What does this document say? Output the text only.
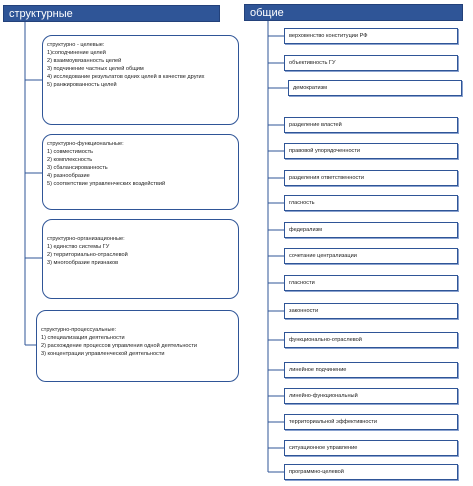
структурные	общие
структурно - целевые:
1)соподчинение целей
2) взаимоувязанность целей
3) подчинение частных целей общим
4) исследование результатов одних целей в качестве других
5) ранжированность целей
структурно-функциональные:
1) совместимость
2) комплексность
3) сбалансированность
4) разнообразие
5) соответствие управленческих воздействий
структурно-организационные:
1) единство системы ГУ
2) территориально-отраслевой
3) многообразие признаков
структурно-процессуальные:
1) специализация деятельности
2) расхождение процессов управления одной деятельности
3) концентрации управленческой деятельности
верховенство конституции РФ
объективность ГУ
демократизм
разделение властей
правовой упорядоченности
разделения ответственности
гласность
федерализм
сочетание централизации
гласности
законности
функционально-отраслевой
линейное подчинение
линейно-функциональный
территориальной эффективности
ситуационное управление
программно-целевой
